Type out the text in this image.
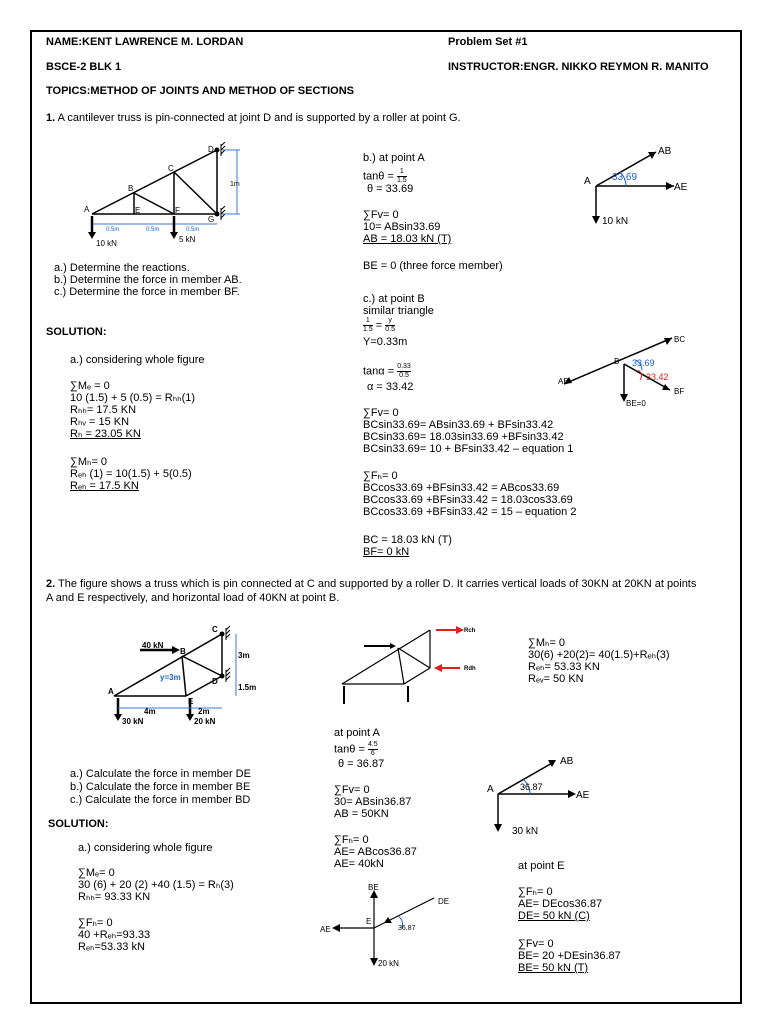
NAME:KENT LAWRENCE M. LORDAN	Problem Set #1
BSCE-2 BLK 1	INSTRUCTOR:ENGR. NIKKO REYMON R. MANITO
TOPICS:METHOD OF JOINTS AND METHOD OF SECTIONS
1. A cantilever truss is pin-connected at joint D and is supported by a roller at point G.
A
B
C
D
E	F
G
1m
10 kN	5 kN
0.5m	0.5m	0.5m
a.) Determine the reactions.
b.) Determine the force in member AB.
c.) Determine the force in member BF.
SOLUTION:
a.) considering whole figure
∑Mₑ = 0
10 (1.5) + 5 (0.5) = Rₕₕ(1)
Rₕₕ= 17.5 KN
Rₕᵥ = 15 KN
Rₕ = 23.05 KN
∑Mₕ= 0
Rₑₕ (1) = 10(1.5) + 5(0.5)
Rₑₕ = 17.5 KN
b.) at point A
$\tan\theta = \frac{1}{1.5}$
θ = 33.69
∑Fv= 0
10= ABsin33.69
AB = 18.03 kN (T)
BE = 0 (three force member)
AB
A
AE
10 kN
33.69
c.) at point B
similar triangle
$\frac{1}{1.5} = \frac{y}{0.5}$
Y=0.33m
$\tan\alpha = \frac{0.33}{0.5}$
α = 33.42
∑Fv= 0
BCsin33.69= ABsin33.69 + BFsin33.42
BCsin33.69= 18.03sin33.69 +BFsin33.42
BCsin33.69= 10 + BFsin33.42 – equation 1
∑Fₕ= 0
BCcos33.69 +BFsin33.42 = ABcos33.69
BCcos33.69 +BFsin33.42 = 18.03cos33.69
BCcos33.69 +BFsin33.42 = 15 – equation 2
BC = 18.03 kN (T)
BF= 0 kN
BC
B
AB
BE=0
BF
33.69
33.42
2. The figure shows a truss which is pin connected at C and supported by a roller D. It carries vertical loads of 30KN at 20KN at points
A and E respectively, and horizontal load of 40KN at point B.
40 kN
B
C
D
A
E
3m
1.5m
4m	2m
30 kN	20 kN
y=3m
Rch
Rdh
∑Mₕ= 0
30(6) +20(2)= 40(1.5)+Rₑₕ(3)
Rₑₕ= 53.33 KN
Rₑᵥ= 50 KN
a.) Calculate the force in member DE
b.) Calculate the force in member BE
c.) Calculate the force in member BD
SOLUTION:
a.) considering whole figure
∑Mₑ= 0
30 (6) + 20 (2) +40 (1.5) = Rₕ(3)
Rₕₕ= 93.33 KN
∑Fₕ= 0
40 +Rₑₕ=93.33
Rₑₕ=53.33 kN
at point A
$\tan\theta = \frac{4.5}{6}$
θ = 36.87
∑Fv= 0
30= ABsin36.87
AB = 50KN
∑Fₕ= 0
AE= ABcos36.87
AE= 40kN
AB
A
AE
30 kN
36.87
at point E
∑Fₕ= 0
AE= DEcos36.87
DE= 50 kN (C)
∑Fv= 0
BE= 20 +DEsin36.87
BE= 50 kN (T)
BE
DE
AE
E
20 kN
36.87
